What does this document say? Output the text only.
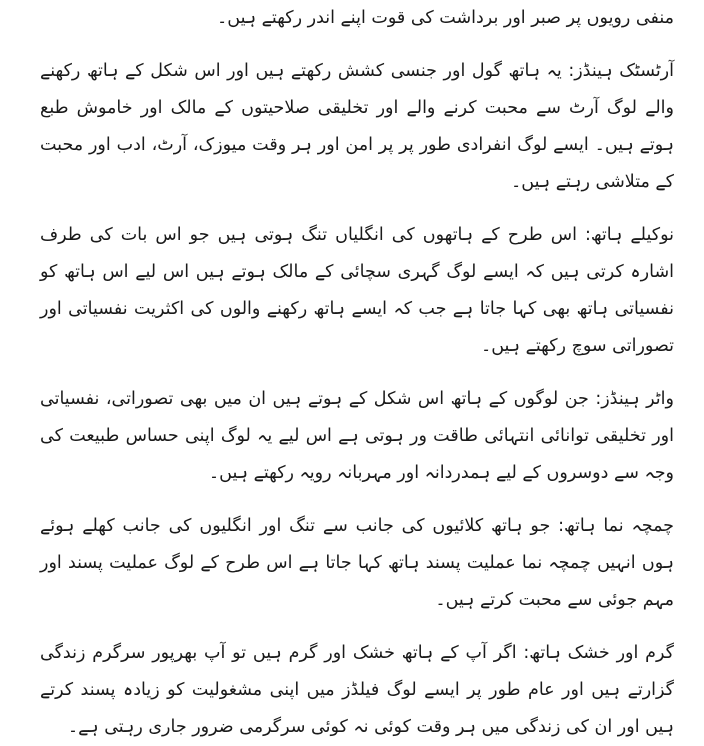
منفی رویوں پر صبر اور برداشت کی قوت اپنے اندر رکھتے ہیں۔

آرٹسٹک ہینڈز: یہ ہاتھ گول اور جنسی کشش رکھتے ہیں اور اس شکل کے ہاتھ رکھنے والے لوگ آرٹ سے محبت کرنے والے اور تخلیقی صلاحیتوں کے مالک اور خاموش طبع ہوتے ہیں۔ ایسے لوگ انفرادی طور پر پر امن اور ہر وقت میوزک، آرٹ، ادب اور محبت کے متلاشی رہتے ہیں۔

نوکیلے ہاتھ: اس طرح کے ہاتھوں کی انگلیاں تنگ ہوتی ہیں جو اس بات کی طرف اشارہ کرتی ہیں کہ ایسے لوگ گہری سچائی کے مالک ہوتے ہیں اس لیے اس ہاتھ کو نفسیاتی ہاتھ بھی کہا جاتا ہے جب کہ ایسے ہاتھ رکھنے والوں کی اکثریت نفسیاتی اور تصوراتی سوچ رکھتے ہیں۔

واٹر ہینڈز: جن لوگوں کے ہاتھ اس شکل کے ہوتے ہیں ان میں بھی تصوراتی، نفسیاتی اور تخلیقی توانائی انتہائی طاقت ور ہوتی ہے اس لیے یہ لوگ اپنی حساس طبیعت کی وجہ سے دوسروں کے لیے ہمدردانہ اور مہربانہ رویہ رکھتے ہیں۔

چمچہ نما ہاتھ: جو ہاتھ کلائیوں کی جانب سے تنگ اور انگلیوں کی جانب کھلے ہوئے ہوں انہیں چمچہ نما عملیت پسند ہاتھ کہا جاتا ہے اس طرح کے لوگ عملیت پسند اور مہم جوئی سے محبت کرتے ہیں۔

گرم اور خشک ہاتھ: اگر آپ کے ہاتھ خشک اور گرم ہیں تو آپ بھرپور سرگرم زندگی گزارتے ہیں اور عام طور پر ایسے لوگ فیلڈز میں اپنی مشغولیت کو زیادہ پسند کرتے ہیں اور ان کی زندگی میں ہر وقت کوئی نہ کوئی سرگرمی ضرور جاری رہتی ہے۔
